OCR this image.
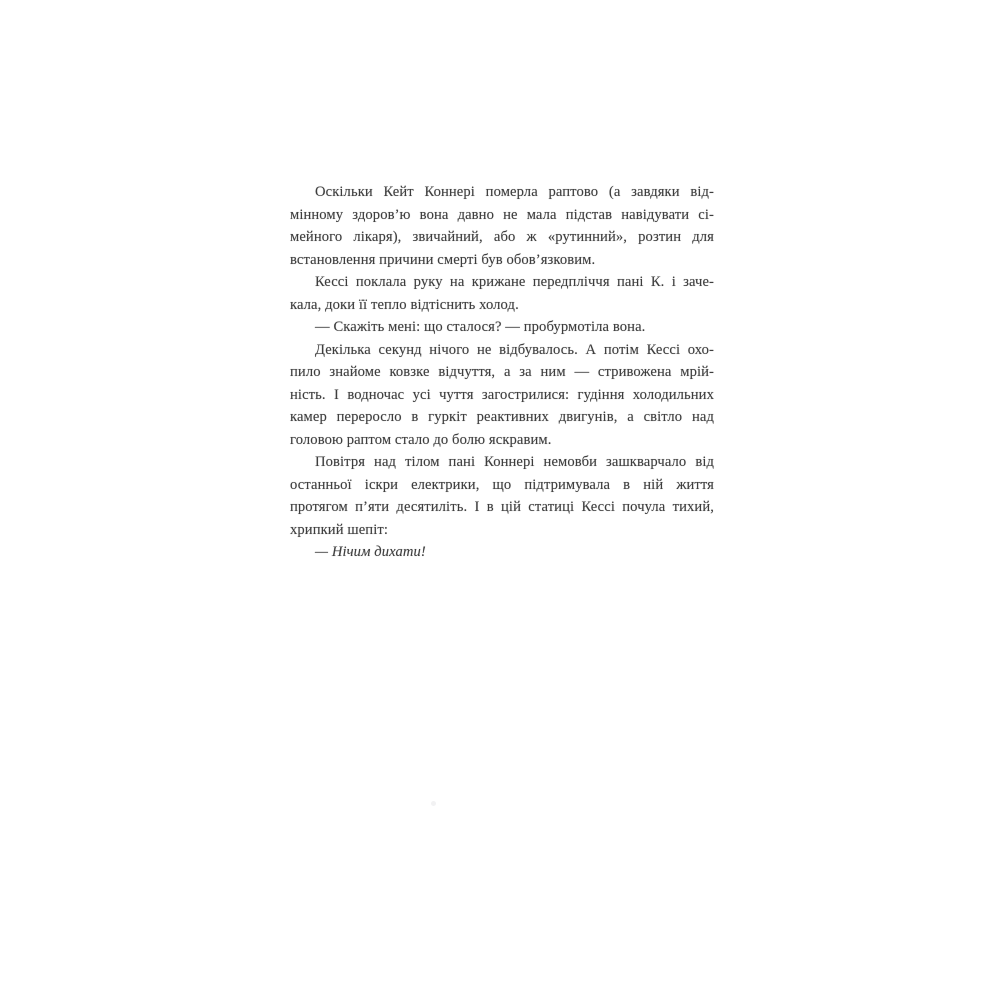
Оскільки Кейт Коннері померла раптово (а завдяки від-
мінному здоров’ю вона давно не мала підстав навідувати сі-
мейного лікаря), звичайний, або ж «рутинний», розтин для
встановлення причини смерті був обов’язковим.
Кессі поклала руку на крижане передпліччя пані К. і заче-
кала, доки її тепло відтіснить холод.
— Скажіть мені: що сталося? — пробурмотіла вона.
Декілька секунд нічого не відбувалось. А потім Кессі охо-
пило знайоме ковзке відчуття, а за ним — стривожена мрій-
ність. І водночас усі чуття загострилися: гудіння холодильних
камер переросло в гуркіт реактивних двигунів, а світло над
головою раптом стало до болю яскравим.
Повітря над тілом пані Коннері немовби зашкварчало від
останньої іскри електрики, що підтримувала в ній життя
протягом п’яти десятиліть. І в цій статиці Кессі почула тихий,
хрипкий шепіт:
— Нічим дихати!
